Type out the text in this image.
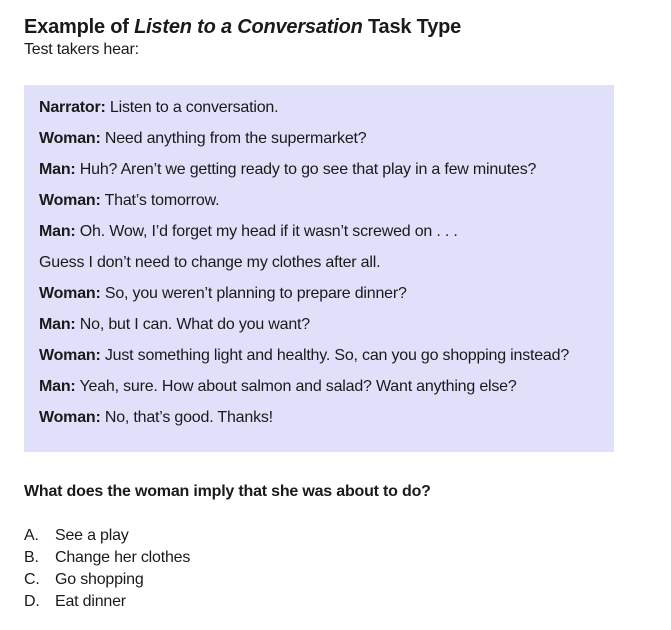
Example of Listen to a Conversation Task Type

Test takers hear:

Narrator: Listen to a conversation.
Woman: Need anything from the supermarket?
Man: Huh? Aren’t we getting ready to go see that play in a few minutes?
Woman: That’s tomorrow.
Man: Oh. Wow, I’d forget my head if it wasn’t screwed on . . .
Guess I don’t need to change my clothes after all.
Woman: So, you weren’t planning to prepare dinner?
Man: No, but I can. What do you want?
Woman: Just something light and healthy. So, can you go shopping instead?
Man: Yeah, sure. How about salmon and salad? Want anything else?
Woman: No, that’s good. Thanks!

What does the woman imply that she was about to do?

A.	See a play
B.	Change her clothes
C. Go shopping
D. Eat dinner
